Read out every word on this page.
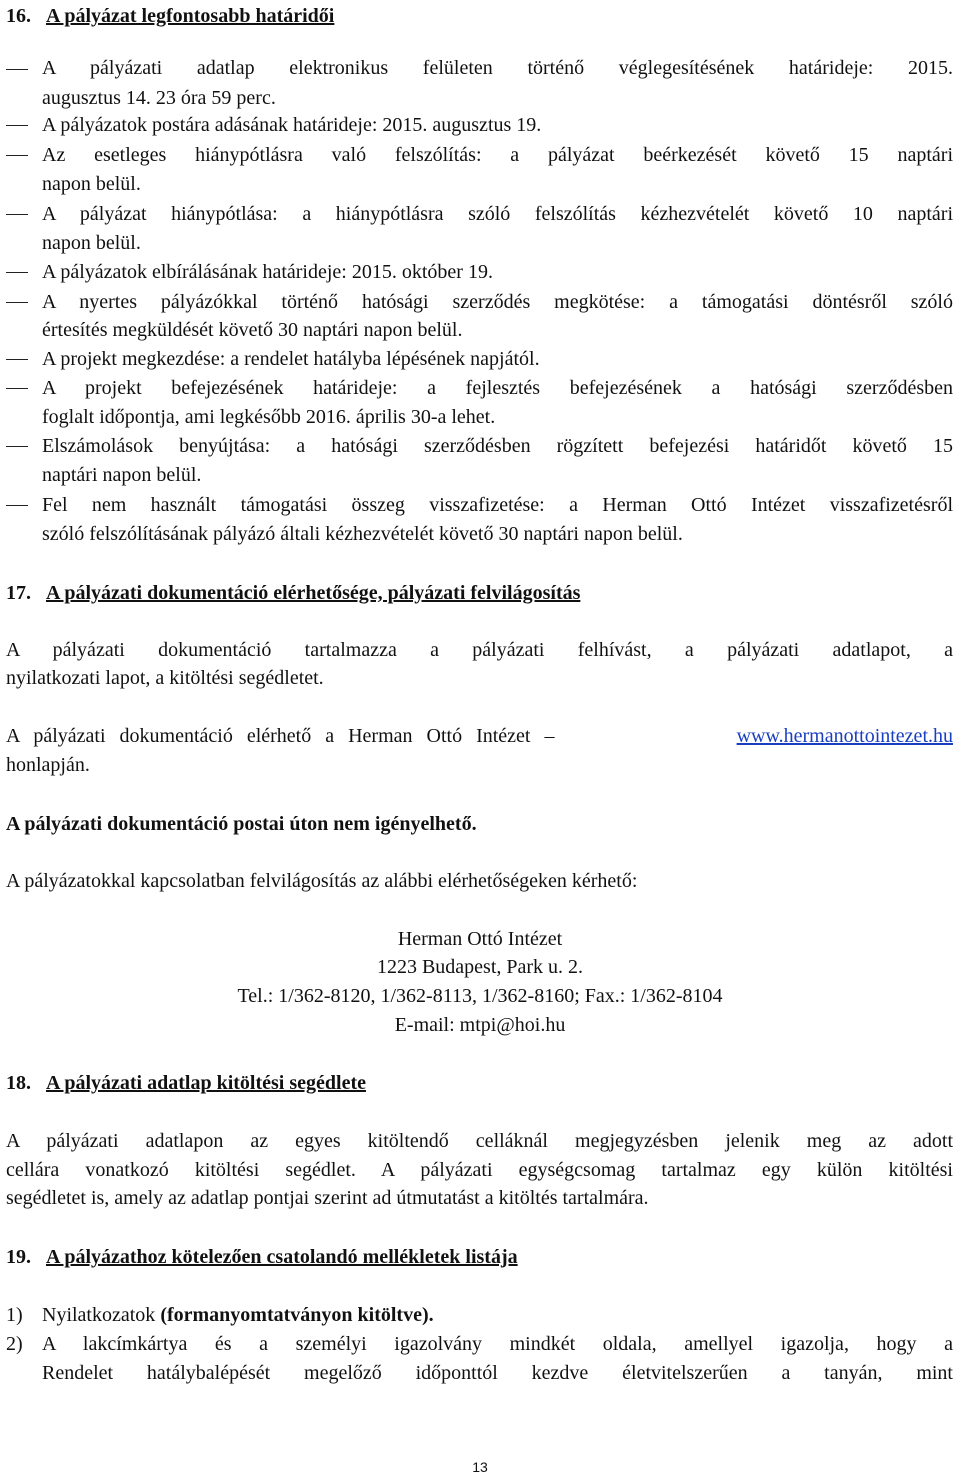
16. A pályázat legfontosabb határidői
A pályázati adatlap elektronikus felületen történő véglegesítésének határideje: 2015.
augusztus 14. 23 óra 59 perc.
A pályázatok postára adásának határideje: 2015. augusztus 19.
Az esetleges hiánypótlásra való felszólítás: a pályázat beérkezését követő 15 naptári
napon belül.
A pályázat hiánypótlása: a hiánypótlásra szóló felszólítás kézhezvételét követő 10 naptári
napon belül.
A pályázatok elbírálásának határideje: 2015. október 19.
A nyertes pályázókkal történő hatósági szerződés megkötése: a támogatási döntésről szóló
értesítés megküldését követő 30 naptári napon belül.
A projekt megkezdése: a rendelet hatályba lépésének napjától.
A projekt befejezésének határideje: a fejlesztés befejezésének a hatósági szerződésben
foglalt időpontja, ami legkésőbb 2016. április 30-a lehet.
Elszámolások benyújtása: a hatósági szerződésben rögzített befejezési határidőt követő 15
naptári napon belül.
Fel nem használt támogatási összeg visszafizetése: a Herman Ottó Intézet visszafizetésről
szóló felszólításának pályázó általi kézhezvételét követő 30 naptári napon belül.
17. A pályázati dokumentáció elérhetősége, pályázati felvilágosítás
A pályázati dokumentáció tartalmazza a pályázati felhívást, a pályázati adatlapot, a
nyilatkozati lapot, a kitöltési segédletet.
A pályázati dokumentáció elérhető a Herman Ottó Intézet –	www.hermanottointezet.hu
honlapján.
A pályázati dokumentáció postai úton nem igényelhető.
A pályázatokkal kapcsolatban felvilágosítás az alábbi elérhetőségeken kérhető:
Herman Ottó Intézet
1223 Budapest, Park u. 2.
Tel.: 1/362-8120, 1/362-8113, 1/362-8160; Fax.: 1/362-8104
E-mail: mtpi@hoi.hu
18. A pályázati adatlap kitöltési segédlete
A pályázati adatlapon az egyes kitöltendő celláknál megjegyzésben jelenik meg az adott
cellára vonatkozó kitöltési segédlet. A pályázati egységcsomag tartalmaz egy külön kitöltési
segédletet is, amely az adatlap pontjai szerint ad útmutatást a kitöltés tartalmára.
19. A pályázathoz kötelezően csatolandó mellékletek listája
1) Nyilatkozatok (formanyomtatványon kitöltve).
2) A lakcímkártya és a személyi igazolvány mindkét oldala, amellyel igazolja, hogy a
Rendelet hatálybalépését megelőző időponttól kezdve életvitelszerűen a tanyán, mint
13
